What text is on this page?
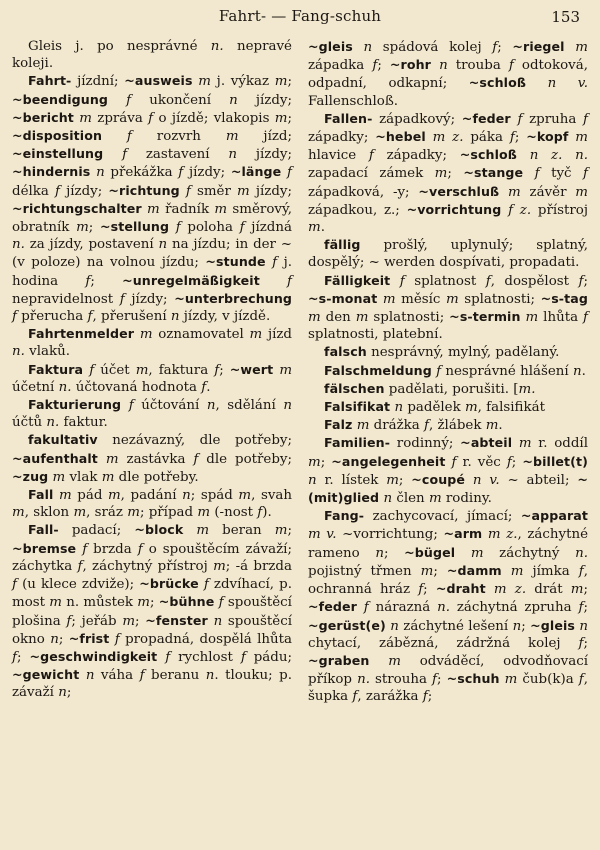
Fahrt- — Fang-schuh	153

Gleis j. po nesprávné n. nepravé koleji.

Fahrt- jízdní; ~ausweis m j. výkaz m; ~beendigung f ukončení n jízdy; ~bericht m zpráva f o jízdě; vlakopis m; ~disposition f rozvrh m jízd; ~einstellung f zastavení n jízdy; ~hindernis n překážka f jízdy; ~länge f délka f jízdy; ~richtung f směr m jízdy; ~richtungschalter m řadník m směrový, obratník m; ~stellung f poloha f jízdná n. za jízdy, postavení n na jízdu; in der ~ (v poloze) na volnou jízdu; ~stunde f j. hodina f; ~unregelmäßigkeit f nepravidelnost f jízdy; ~unterbrechung f přerucha f, přerušení n jízdy, v jízdě.

Fahrtenmelder m oznamovatel m jízd n. vlaků.

Faktura f účet m, faktura f; ~wert m účetní n. účtovaná hodnota f.

Fakturierung f účtování n, sdělání n účtů n. faktur.

fakultativ nezávazný, dle potřeby; ~aufenthalt m zastávka f dle potřeby; ~zug m vlak m dle potřeby.

Fall m pád m, padání n; spád m, svah m, sklon m, sráz m; případ m (-nost f).

Fall- padací; ~block m beran m; ~bremse f brzda f o spouštěcím závaží; záchytka f, záchytný přístroj m; -á brzda f (u klece zdviže); ~brücke f zdvíhací, p. most m n. můstek m; ~bühne f spouštěcí plošina f; jeřáb m; ~fenster n spouštěcí okno n; ~frist f propadná, dospělá lhůta f; ~geschwindigkeit f rychlost f pádu; ~gewicht n váha f beranu n. tlouku; p. závaží n;

~gleis n spádová kolej f; ~riegel m západka f; ~rohr n trouba f odtoková, odpadní, odkapní; ~schloß n v. Fallenschloß.

Fallen- západkový; ~feder f zpruha f západky; ~hebel m z. páka f; ~kopf m hlavice f západky; ~schloß n z. n. zapadací zámek m; ~stange f tyč f západková, -y; ~verschluß m závěr m západkou, z.; ~vorrichtung f z. přístroj m.

fällig prošlý, uplynulý; splatný, dospělý; ~ werden dospívati, propadati.

Fälligkeit f splatnost f, dospělost f; ~s-monat m měsíc m splatnosti; ~s-tag m den m splatnosti; ~s-termin m lhůta f splatnosti, platební.

falsch nesprávný, mylný, padělaný.

Falschmeldung f nesprávné hlášení n.

fälschen padělati, porušiti. [m.

Falsifikat n padělek m, falsifikát

Falz m drážka f, žlábek m.

Familien- rodinný; ~abteil m r. oddíl m; ~angelegenheit f r. věc f; ~billet(t) n r. lístek m; ~coupé n v. ~ abteil; ~(mit)glied n člen m rodiny.

Fang- zachycovací, jímací; ~apparat m v. ~vorrichtung; ~arm m z., záchytné rameno n; ~bügel m záchytný n. pojistný třmen m; ~damm m jímka f, ochranná hráz f; ~draht m z. drát m; ~feder f nárazná n. záchytná zpruha f; ~gerüst(e) n záchytné lešení n; ~gleis n chytací, zábězná, zádržná kolej f; ~graben m odváděcí, odvodňovací příkop n. strouha f; ~schuh m čub(k)a f, šupka f, zarážka f;
